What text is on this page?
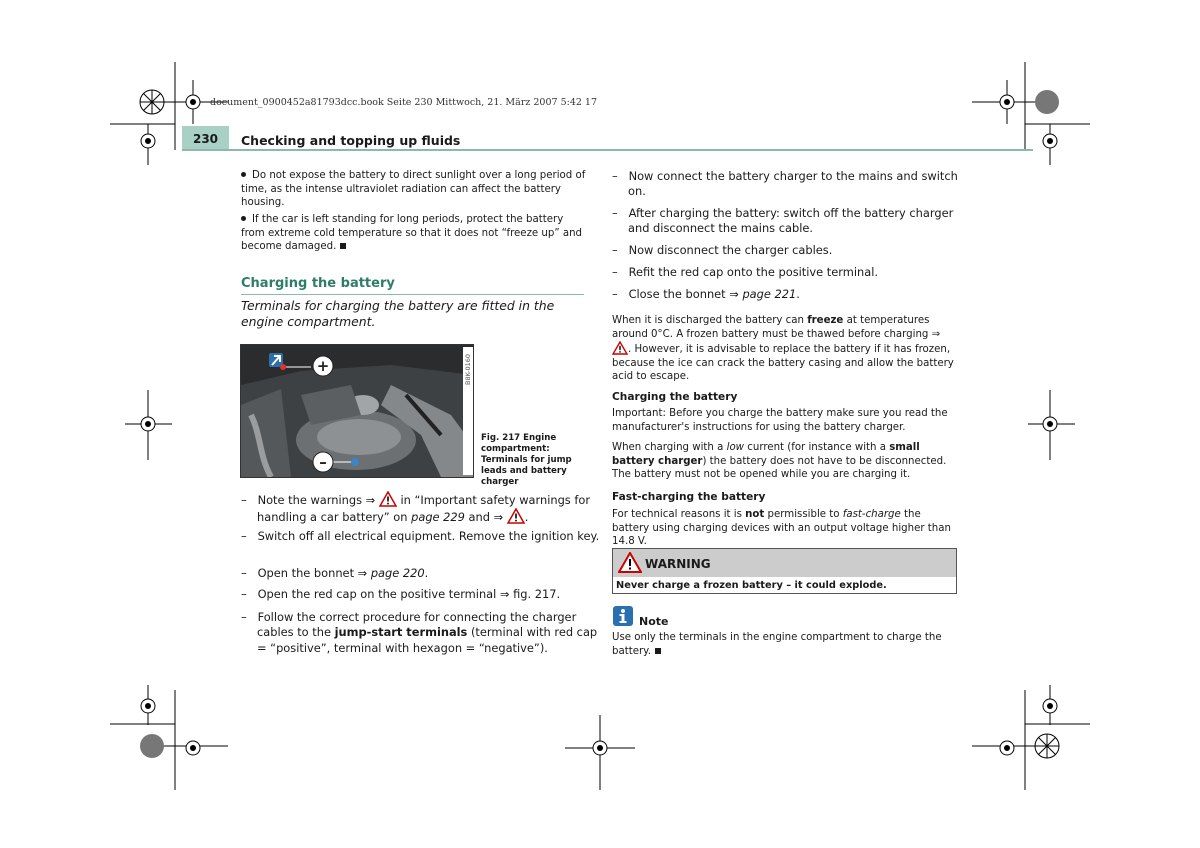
document_0900452a81793dcc.book Seite 230 Mittwoch, 21. März 2007 5:42 17
230	Checking and topping up fluids
Do not expose the battery to direct sunlight over a long period of time, as the intense ultraviolet radiation can affect the battery housing.
If the car is left standing for long periods, protect the battery from extreme cold temperature so that it does not “freeze up” and become damaged.
Charging the battery
Terminals for charging the battery are fitted in the engine compartment.
+
–
B8K-0160
Fig. 217 Engine compartment: Terminals for jump leads and battery charger
–   Note the warnings ⇒ in “Important safety warnings for handling a car battery” on page 229 and ⇒ .
–   Switch off all electrical equipment. Remove the ignition key.
–   Open the bonnet ⇒ page 220.
–   Open the red cap on the positive terminal ⇒ fig. 217.
–   Follow the correct procedure for connecting the charger cables to the jump-start terminals (terminal with red cap = “positive”, terminal with hexagon = “negative”).
–   Now connect the battery charger to the mains and switch on.
–   After charging the battery: switch off the battery charger and disconnect the mains cable.
–   Now disconnect the charger cables.
–   Refit the red cap onto the positive terminal.
–   Close the bonnet ⇒ page 221.
When it is discharged the battery can freeze at temperatures around 0°C. A frozen battery must be thawed before charging ⇒ . However, it is advisable to replace the battery if it has frozen, because the ice can crack the battery casing and allow the battery acid to escape.
Charging the battery
Important: Before you charge the battery make sure you read the manufacturer's instructions for using the battery charger.
When charging with a low current (for instance with a small battery charger) the battery does not have to be disconnected. The battery must not be opened while you are charging it.
Fast-charging the battery
For technical reasons it is not permissible to fast-charge the battery using charging devices with an output voltage higher than 14.8 V.
WARNING
Never charge a frozen battery – it could explode.
Note
Use only the terminals in the engine compartment to charge the battery.
